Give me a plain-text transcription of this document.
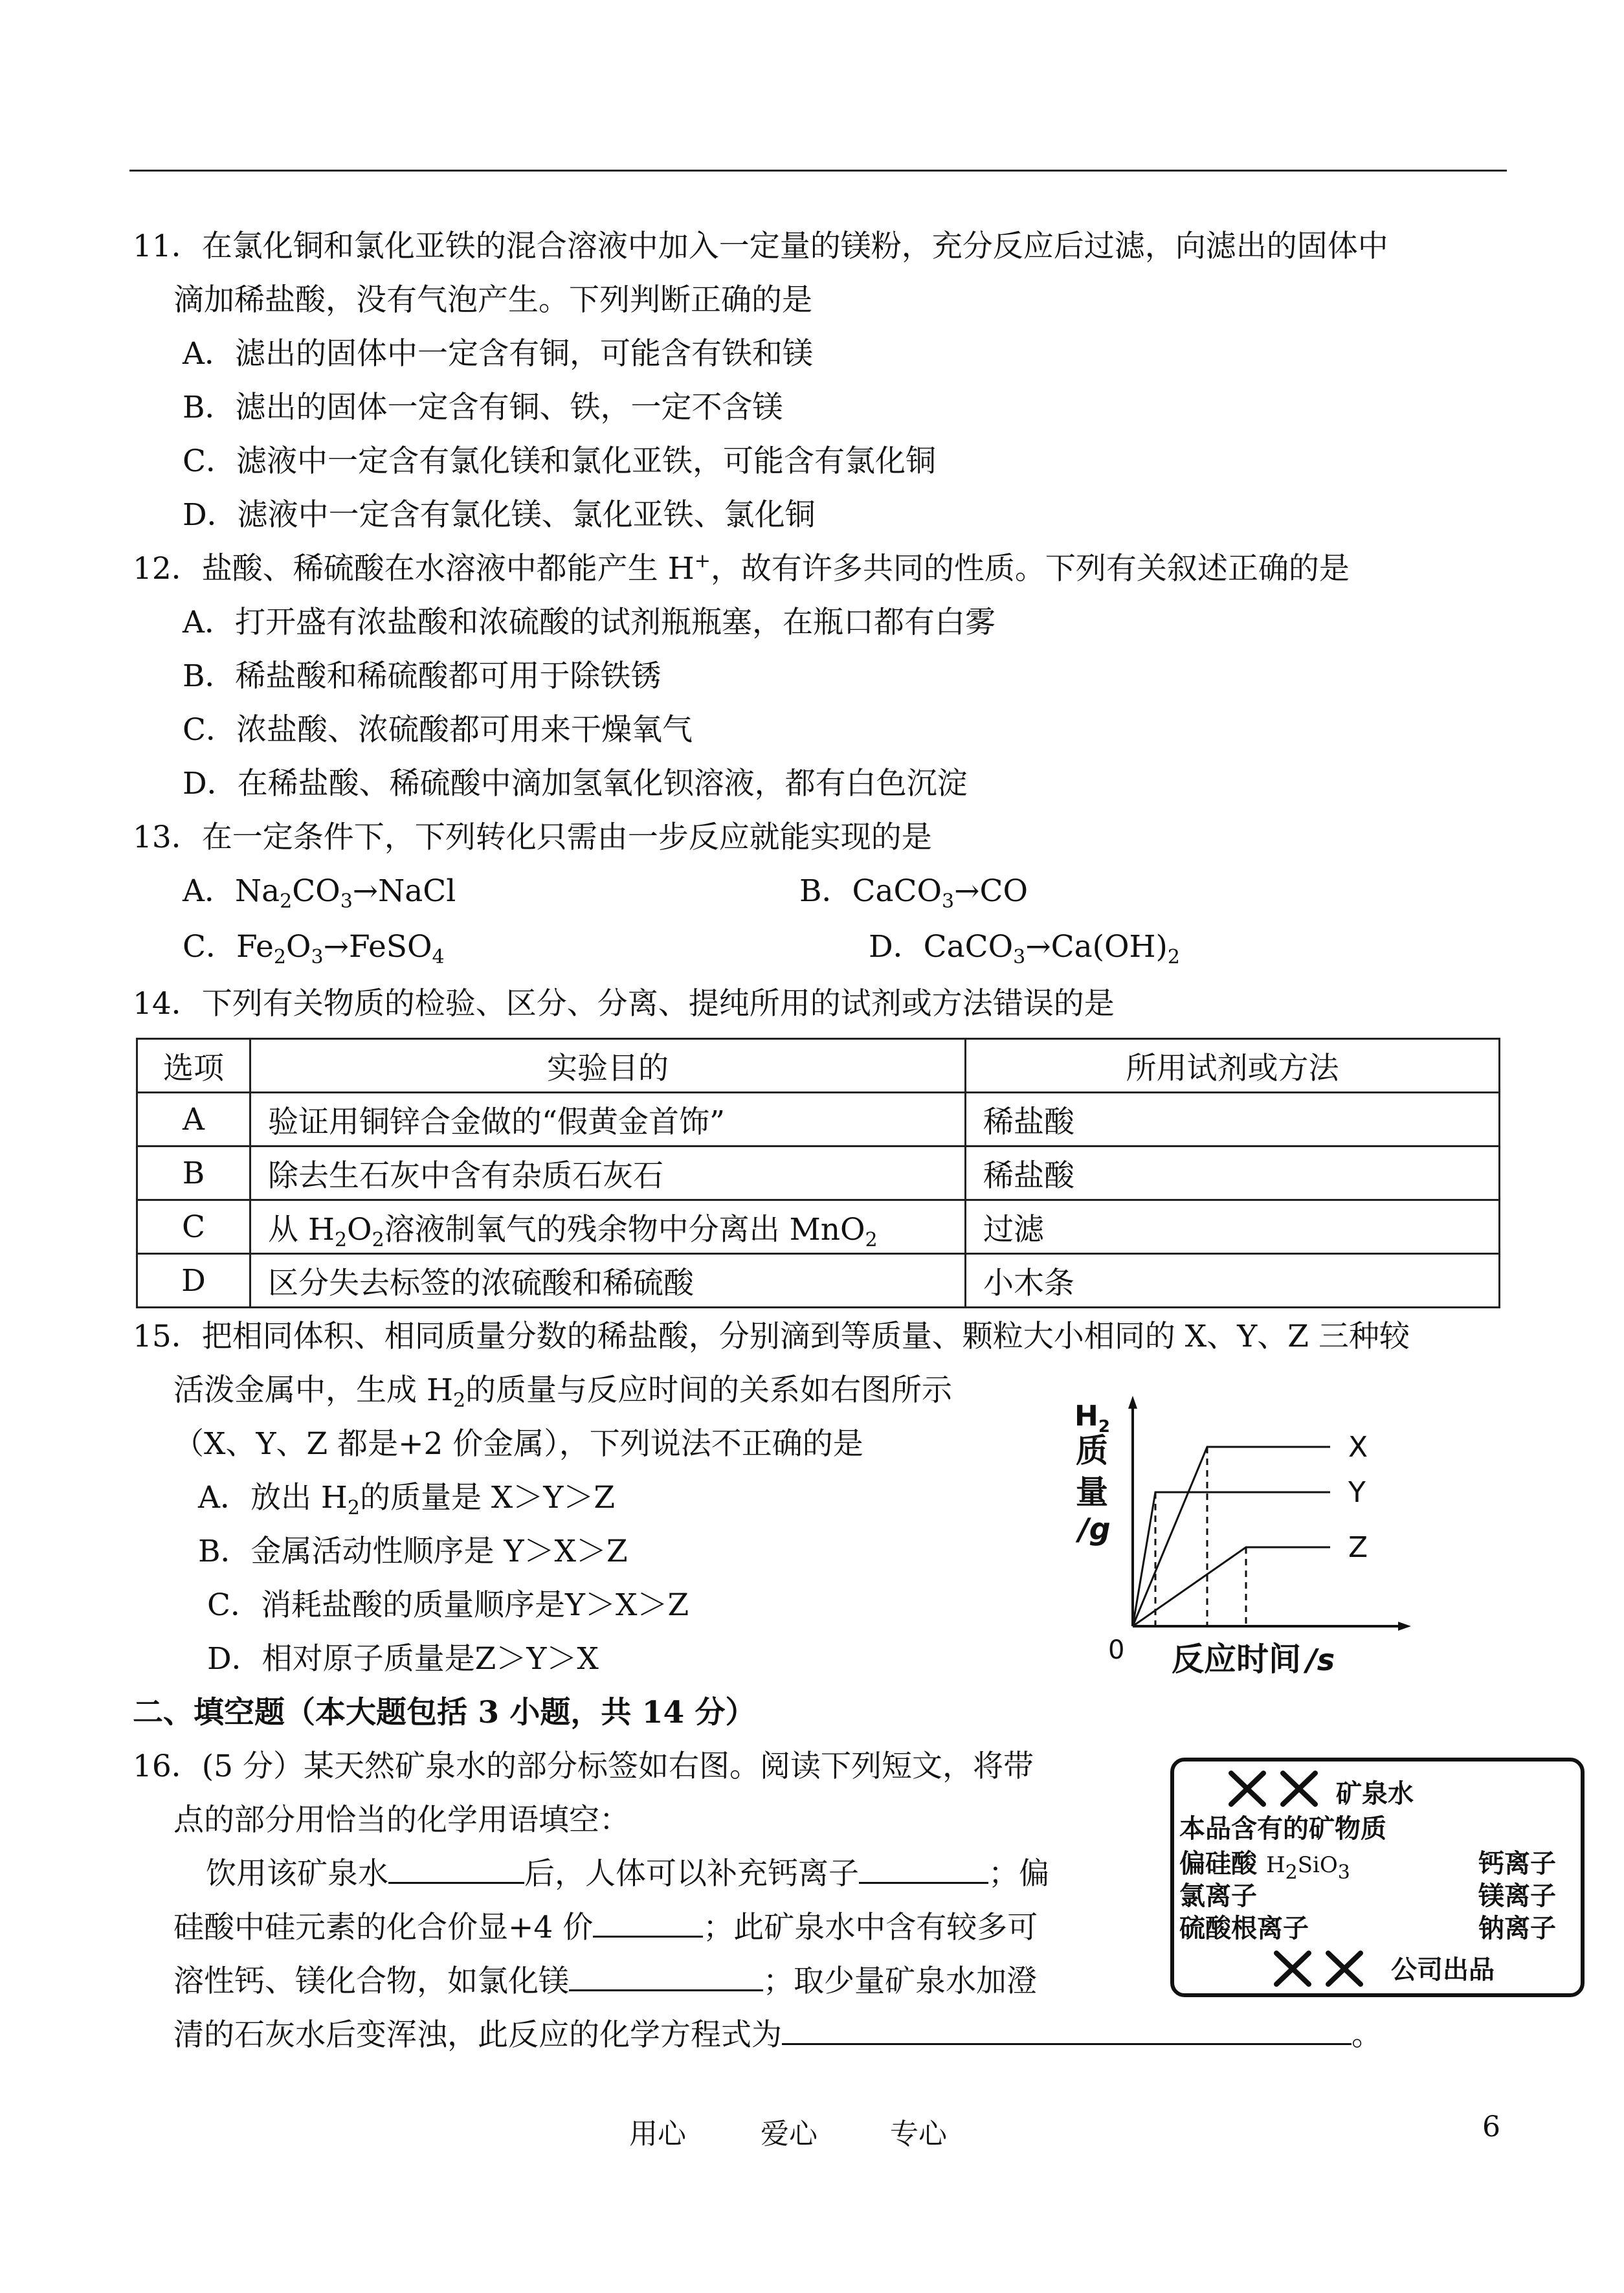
11．在氯化铜和氯化亚铁的混合溶液中加入一定量的镁粉，充分反应后过滤，向滤出的固体中
滴加稀盐酸，没有气泡产生。下列判断正确的是
A．滤出的固体中一定含有铜，可能含有铁和镁
B．滤出的固体一定含有铜、铁，一定不含镁
C．滤液中一定含有氯化镁和氯化亚铁，可能含有氯化铜
D．滤液中一定含有氯化镁、氯化亚铁、氯化铜
12．盐酸、稀硫酸在水溶液中都能产生 H+，故有许多共同的性质。下列有关叙述正确的是
A．打开盛有浓盐酸和浓硫酸的试剂瓶瓶塞，在瓶口都有白雾
B．稀盐酸和稀硫酸都可用于除铁锈
C．浓盐酸、浓硫酸都可用来干燥氧气
D．在稀盐酸、稀硫酸中滴加氢氧化钡溶液，都有白色沉淀
13．在一定条件下，下列转化只需由一步反应就能实现的是
A．$Na_2CO_3\to NaCl$	B．CaCO$_3$→CO
C．$Fe_2O_3\to FeSO_4$	D．$CaCO_3\to Ca(OH)_2$
14．下列有关物质的检验、区分、分离、提纯所用的试剂或方法错误的是
选项	实验目的	所用试剂或方法
A	验证用铜锌合金做的“假黄金首饰”	稀盐酸
B	除去生石灰中含有杂质石灰石	稀盐酸
C	从 $H_2O_2$溶液制氧气的残余物中分离出 MnO$_2$	过滤
D	区分失去标签的浓硫酸和稀硫酸	小木条
15．把相同体积、相同质量分数的稀盐酸，分别滴到等质量、颗粒大小相同的 X、Y、Z 三种较
活泼金属中，生成 $H_2$的质量与反应时间的关系如右图所示
（X、Y、Z 都是+2 价金属），下列说法不正确的是
A．放出 $H_2$的质量是 X＞Y＞Z
B．金属活动性顺序是 Y＞X＞Z
C．消耗盐酸的质量顺序是Y＞X＞Z
D．相对原子质量是Z＞Y＞X
$H_2$
质
量
/g
反应时间 /s
0
X
Y
Z
二、填空题（本大题包括 3 小题，共 14 分）
16．(5 分）某天然矿泉水的部分标签如右图。阅读下列短文，将带
点的部分用恰当的化学用语填空：
饮用该矿泉水	后，人体可以补充钙离子	；偏
硅酸中硅元素的化合价显+4 价	；此矿泉水中含有较多可
溶性钙、镁化合物，如氯化镁	；取少量矿泉水加澄
清的石灰水后变浑浊，此反应的化学方程式为	。
矿泉水
本品含有的矿物质
偏硅酸 $H_2SiO_3$	钙离子
氯离子	镁离子
硫酸根离子	钠离子
公司出品
用心	爱心	专心	6
